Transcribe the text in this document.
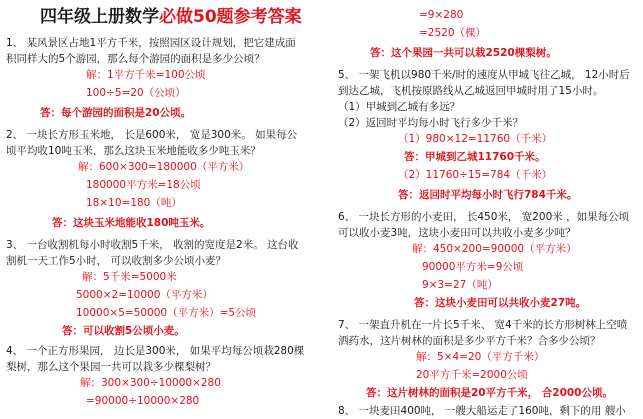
四年级上册数学必做50题参考答案
1、 某风景区占地1平方千米，按照园区设计规划，把它建成面
积同样大的5个游园，那么每个游园的面积是多少公顷？
解：1平方千米=100公顷
100÷5=20（公顷）
答：每个游园的面积是20公顷。
2、 一块长方形玉米地， 长是600米， 宽是300米。 如果每公
顷平均收10吨玉米，那么这块玉米地能收多少吨玉米？
解：600×300=180000（平方米）
180000平方米=18公顷
18×10=180（吨）
答：这块玉米地能收180吨玉米。
3、 一台收割机每小时收割5千米， 收割的宽度是2米。 这台收
割机一天工作5小时， 可以收割多少公顷小麦？
解：5千米=5000米
5000×2=10000（平方米）
10000×5=50000（平方米）=5公顷
答：可以收割5公顷小麦。
4、 一个正方形果园， 边长是300米， 如果平均每公顷栽280棵
梨树，那么这个果园一共可以栽多少棵梨树？
解：300×300÷10000×280
=90000÷10000×280
=9×280
=2520（棵）
答：这个果园一共可以栽2520棵梨树。
5、 一架飞机以980千米/时的速度从甲城飞往乙城， 12小时后
到达乙城，飞机按原路线从乙城返回甲城时用了15小时。
（1）甲城到乙城有多远？
（2）返回时平均每小时飞行多少千米？
（1）980×12=11760（千米）
答：甲城到乙城11760千米。
（2）11760÷15=784（千米）
答：返回时平均每小时飞行784千米。
6、 一块长方形的小麦田， 长450米， 宽200米 ，如果每公顷
可以收小麦3吨，这块小麦田可以共收小麦多少吨？
解：450×200=90000（平方米）
90000平方米=9公顷
9×3=27（吨）
答：这块小麦田可以共收小麦27吨。
7、 一架直升机在一片长5千米、 宽4千米的长方形树林上空喷
洒药水，这片树林的面积是多少平方千米？合多少公顷？
解：5×4=20（平方千米）
20平方千米=2000公顷
答：这片树林的面积是20平方千米， 合2000公顷。
8、 一块麦田400吨， 一艘大船运走了160吨，剩下的用 艘小
